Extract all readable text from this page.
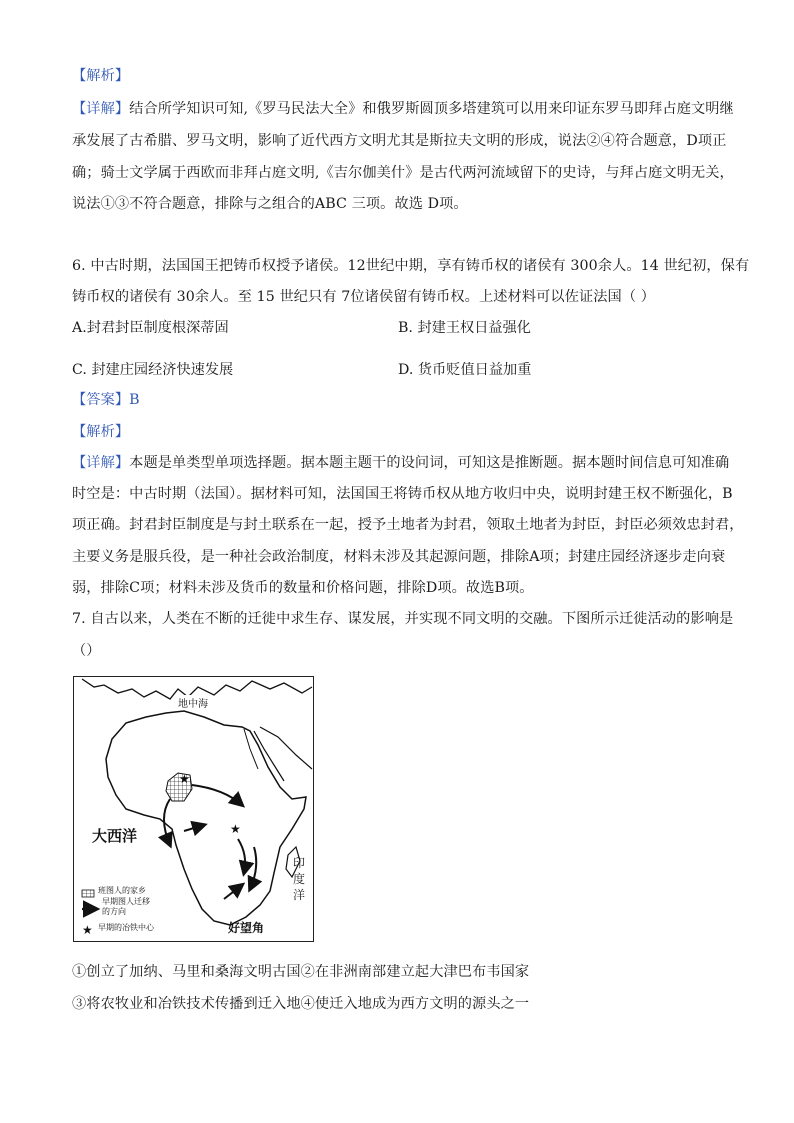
【解析】
【详解】结合所学知识可知,《罗马民法大全》和俄罗斯圆顶多塔建筑可以用来印证东罗马即拜占庭文明继
承发展了古希腊、罗马文明，影响了近代西方文明尤其是斯拉夫文明的形成，说法②④符合题意，D项正
确；骑士文学属于西欧而非拜占庭文明,《吉尔伽美什》是古代两河流域留下的史诗，与拜占庭文明无关，
说法①③不符合题意，排除与之组合的ABC 三项。故选 D项。
6. 中古时期，法国国王把铸币权授予诸侯。12世纪中期，享有铸币权的诸侯有 300余人。14 世纪初，保有
铸币权的诸侯有 30余人。至 15 世纪只有 7位诸侯留有铸币权。上述材料可以佐证法国（ ）
A.封君封臣制度根深蒂固	B. 封建王权日益强化
C. 封建庄园经济快速发展	D. 货币贬值日益加重
【答案】B
【解析】
【详解】本题是单类型单项选择题。据本题主题干的设问词，可知这是推断题。据本题时间信息可知准确
时空是：中古时期（法国）。据材料可知，法国国王将铸币权从地方收归中央，说明封建王权不断强化，B
项正确。封君封臣制度是与封土联系在一起，授予土地者为封君，领取土地者为封臣，封臣必须效忠封君，
主要义务是服兵役，是一种社会政治制度，材料未涉及其起源问题，排除A项；封建庄园经济逐步走向衰
弱，排除C项；材料未涉及货币的数量和价格问题，排除D项。故选B项。
7. 自古以来，人类在不断的迁徙中求生存、谋发展，并实现不同文明的交融。下图所示迁徙活动的影响是
（）
★
★
★
地中海
大西洋
好望角
印
度
洋
班图人的家乡
早期图人迁移
的方向
早期的冶铁中心
①创立了加纳、马里和桑海文明古国②在非洲南部建立起大津巴布韦国家
③将农牧业和冶铁技术传播到迁入地④使迁入地成为西方文明的源头之一
